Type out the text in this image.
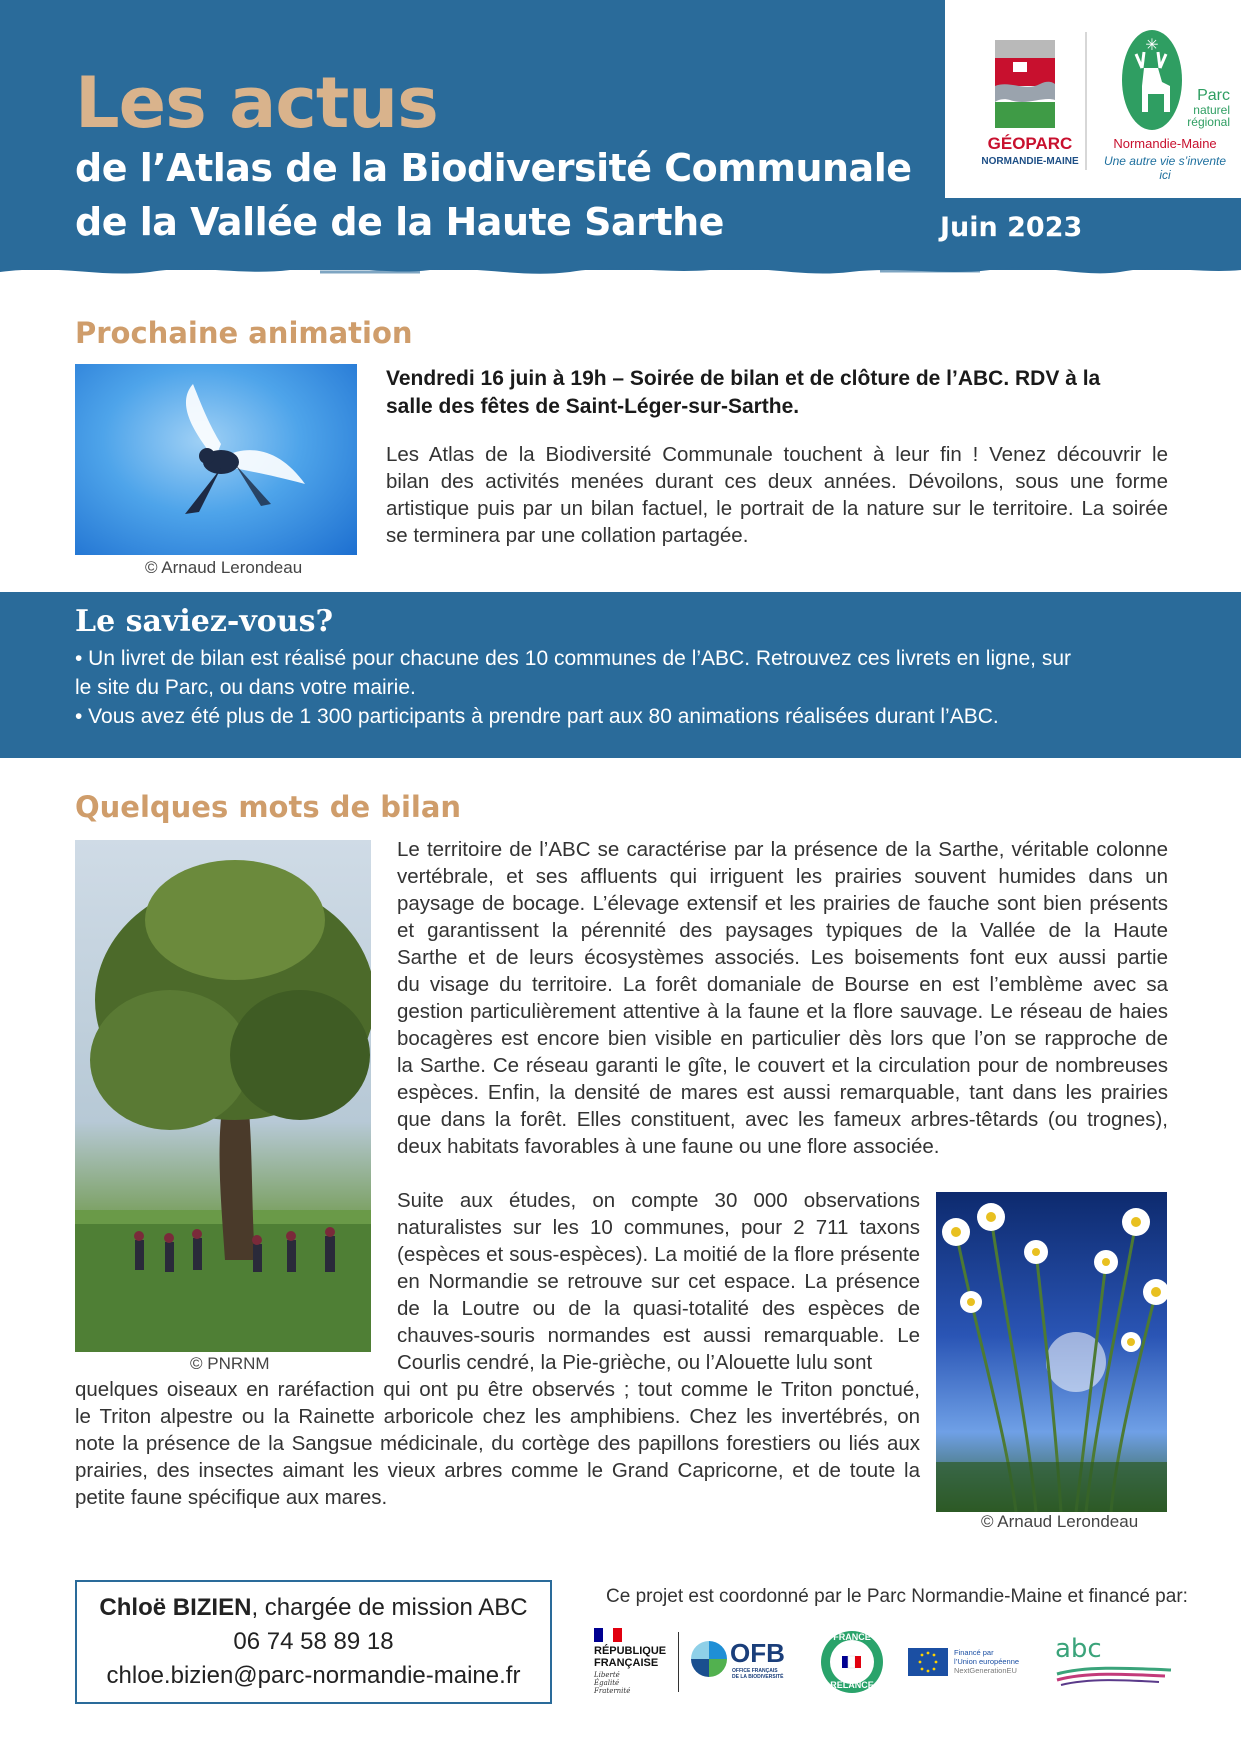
Les actus
de l’Atlas de la Biodiversité Communale
de la Vallée de la Haute Sarthe
GÉOPARC
NORMANDIE-MAINE
✳
Parc
naturel
régional
Normandie-Maine
Une autre vie s’invente ici
Juin 2023
Prochaine animation
© Arnaud Lerondeau
Vendredi 16 juin à 19h – Soirée de bilan et de clôture de l’ABC. RDV à la
salle des fêtes de Saint-Léger-sur-Sarthe.
Les Atlas de la Biodiversité Communale touchent à leur fin ! Venez découvrir le
bilan des activités menées durant ces deux années. Dévoilons, sous une forme
artistique puis par un bilan factuel, le portrait de la nature sur le territoire. La soirée
se terminera par une collation partagée.
Le saviez-vous?
• Un livret de bilan est réalisé pour chacune des 10 communes de l’ABC. Retrouvez ces livrets en ligne, sur
le site du Parc, ou dans votre mairie.
• Vous avez été plus de 1 300 participants à prendre part aux 80 animations réalisées durant l’ABC.
Quelques mots de bilan
© PNRNM
Le territoire de l’ABC se caractérise par la présence de la Sarthe, véritable colonne
vertébrale, et ses affluents qui irriguent les prairies souvent humides dans un
paysage de bocage. L’élevage extensif et les prairies de fauche sont bien présents
et garantissent la pérennité des paysages typiques de la Vallée de la Haute
Sarthe et de leurs écosystèmes associés. Les boisements font eux aussi partie
du visage du territoire. La forêt domaniale de Bourse en est l’emblème avec sa
gestion particulièrement attentive à la faune et la flore sauvage. Le réseau de haies
bocagères est encore bien visible en particulier dès lors que l’on se rapproche de
la Sarthe. Ce réseau garanti le gîte, le couvert et la circulation pour de nombreuses
espèces. Enfin, la densité de mares est aussi remarquable, tant dans les prairies
que dans la forêt. Elles constituent, avec les fameux arbres-têtards (ou trognes),
deux habitats favorables à une faune ou une flore associée.
© Arnaud Lerondeau
Suite aux études, on compte 30 000 observations
naturalistes sur les 10 communes, pour 2 711 taxons
(espèces et sous-espèces). La moitié de la flore présente
en Normandie se retrouve sur cet espace. La présence
de la Loutre ou de la quasi-totalité des espèces de
chauves-souris normandes est aussi remarquable. Le
Courlis cendré, la Pie-grièche, ou l’Alouette lulu sont
quelques oiseaux en raréfaction qui ont pu être observés ; tout comme le Triton ponctué,
le Triton alpestre ou la Rainette arboricole chez les amphibiens. Chez les invertébrés, on
note la présence de la Sangsue médicinale, du cortège des papillons forestiers ou liés aux
prairies, des insectes aimant les vieux arbres comme le Grand Capricorne, et de toute la
petite faune spécifique aux mares.
Chloë BIZIEN, chargée de mission ABC
06 74 58 89 18
chloe.bizien@parc-normandie-maine.fr
Ce projet est coordonné par le Parc Normandie-Maine et financé par:
RÉPUBLIQUE
FRANÇAISE
Liberté
Égalité
Fraternité
OFB
OFFICE FRANÇAIS
DE LA BIODIVERSITÉ
FRANCE
RELANCE
Financé par
l’Union européenne
NextGenerationEU
abc
